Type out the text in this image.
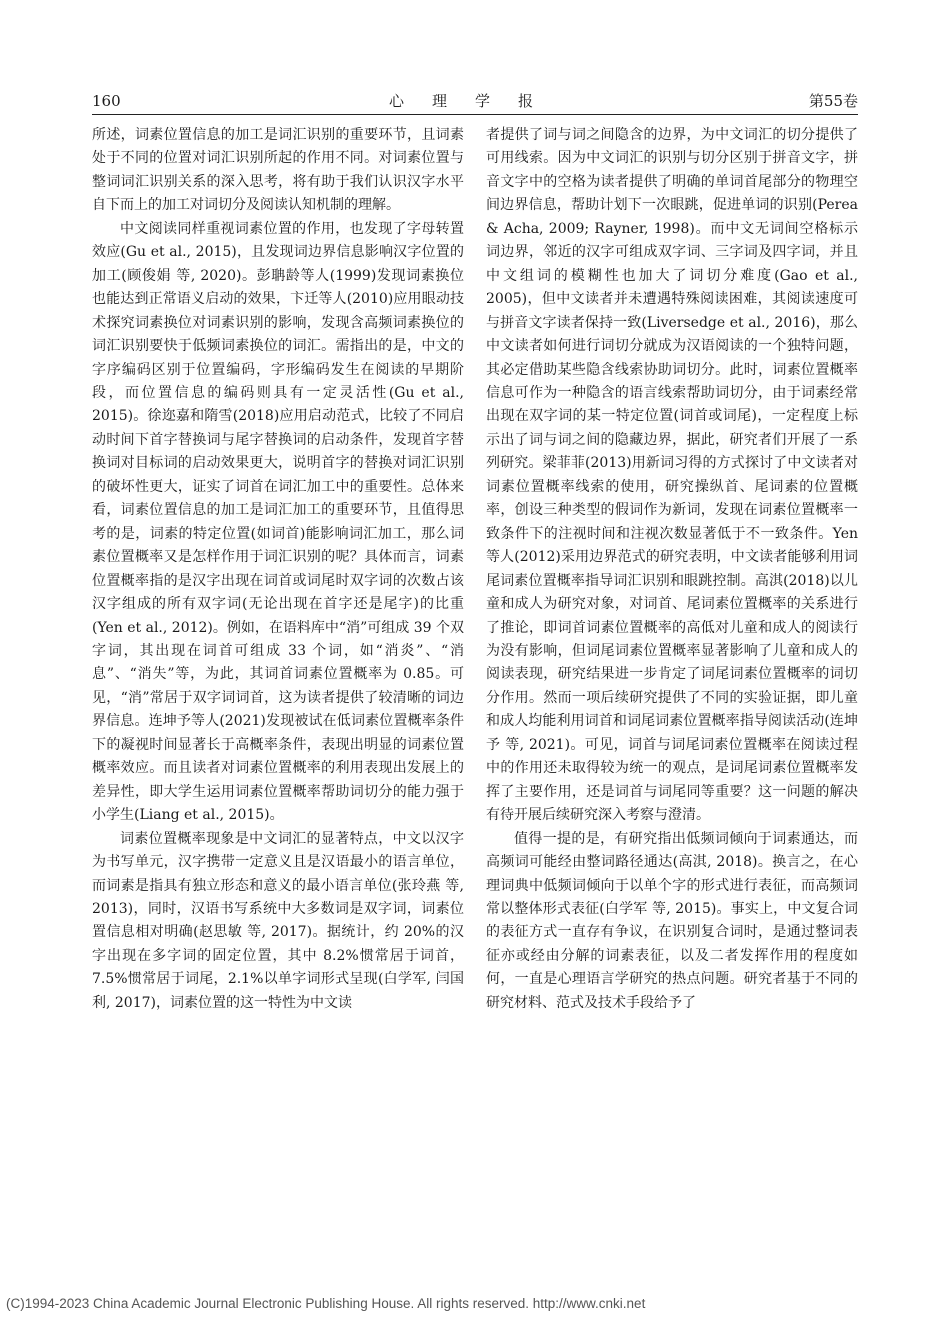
160	心理学报	第55卷

所述，词素位置信息的加工是词汇识别的重要环节，且词素处于不同的位置对词汇识别所起的作用不同。对词素位置与整词词汇识别关系的深入思考，将有助于我们认识汉字水平自下而上的加工对词切分及阅读认知机制的理解。

中文阅读同样重视词素位置的作用，也发现了字母转置效应(Gu et al., 2015)，且发现词边界信息影响汉字位置的加工(顾俊娟 等, 2020)。彭聃龄等人(1999)发现词素换位也能达到正常语义启动的效果，卞迁等人(2010)应用眼动技术探究词素换位对词素识别的影响，发现含高频词素换位的词汇识别要快于低频词素换位的词汇。需指出的是，中文的字序编码区别于位置编码，字形编码发生在阅读的早期阶段，而位置信息的编码则具有一定灵活性(Gu et al., 2015)。徐迩嘉和隋雪(2018)应用启动范式，比较了不同启动时间下首字替换词与尾字替换词的启动条件，发现首字替换词对目标词的启动效果更大，说明首字的替换对词汇识别的破坏性更大，证实了词首在词汇加工中的重要性。总体来看，词素位置信息的加工是词汇加工的重要环节，且值得思考的是，词素的特定位置(如词首)能影响词汇加工，那么词素位置概率又是怎样作用于词汇识别的呢？具体而言，词素位置概率指的是汉字出现在词首或词尾时双字词的次数占该汉字组成的所有双字词(无论出现在首字还是尾字)的比重(Yen et al., 2012)。例如，在语料库中“消”可组成 39 个双字词，其出现在词首可组成 33 个词，如“消炎”、“消息”、“消失”等，为此，其词首词素位置概率为 0.85。可见，“消”常居于双字词词首，这为读者提供了较清晰的词边界信息。连坤予等人(2021)发现被试在低词素位置概率条件下的凝视时间显著长于高概率条件，表现出明显的词素位置概率效应。而且读者对词素位置概率的利用表现出发展上的差异性，即大学生运用词素位置概率帮助词切分的能力强于小学生(Liang et al., 2015)。

词素位置概率现象是中文词汇的显著特点，中文以汉字为书写单元，汉字携带一定意义且是汉语最小的语言单位，而词素是指具有独立形态和意义的最小语言单位(张玲燕 等, 2013)，同时，汉语书写系统中大多数词是双字词，词素位置信息相对明确(赵思敏 等, 2017)。据统计，约 20%的汉字出现在多字词的固定位置，其中 8.2%惯常居于词首，7.5%惯常居于词尾，2.1%以单字词形式呈现(白学军, 闫国利, 2017)，词素位置的这一特性为中文读

者提供了词与词之间隐含的边界，为中文词汇的切分提供了可用线索。因为中文词汇的识别与切分区别于拼音文字，拼音文字中的空格为读者提供了明确的单词首尾部分的物理空间边界信息，帮助计划下一次眼跳，促进单词的识别(Perea & Acha, 2009; Rayner, 1998)。而中文无词间空格标示词边界，邻近的汉字可组成双字词、三字词及四字词，并且中文组词的模糊性也加大了词切分难度(Gao et al., 2005)，但中文读者并未遭遇特殊阅读困难，其阅读速度可与拼音文字读者保持一致(Liversedge et al., 2016)，那么中文读者如何进行词切分就成为汉语阅读的一个独特问题，其必定借助某些隐含线索协助词切分。此时，词素位置概率信息可作为一种隐含的语言线索帮助词切分，由于词素经常出现在双字词的某一特定位置(词首或词尾)，一定程度上标示出了词与词之间的隐藏边界，据此，研究者们开展了一系列研究。梁菲菲(2013)用新词习得的方式探讨了中文读者对词素位置概率线索的使用，研究操纵首、尾词素的位置概率，创设三种类型的假词作为新词，发现在词素位置概率一致条件下的注视时间和注视次数显著低于不一致条件。Yen 等人(2012)采用边界范式的研究表明，中文读者能够利用词尾词素位置概率指导词汇识别和眼跳控制。高淇(2018)以儿童和成人为研究对象，对词首、尾词素位置概率的关系进行了推论，即词首词素位置概率的高低对儿童和成人的阅读行为没有影响，但词尾词素位置概率显著影响了儿童和成人的阅读表现，研究结果进一步肯定了词尾词素位置概率的词切分作用。然而一项后续研究提供了不同的实验证据，即儿童和成人均能利用词首和词尾词素位置概率指导阅读活动(连坤予 等, 2021)。可见，词首与词尾词素位置概率在阅读过程中的作用还未取得较为统一的观点，是词尾词素位置概率发挥了主要作用，还是词首与词尾同等重要？这一问题的解决有待开展后续研究深入考察与澄清。

值得一提的是，有研究指出低频词倾向于词素通达，而高频词可能经由整词路径通达(高淇, 2018)。换言之，在心理词典中低频词倾向于以单个字的形式进行表征，而高频词常以整体形式表征(白学军 等, 2015)。事实上，中文复合词的表征方式一直存有争议，在识别复合词时，是通过整词表征亦或经由分解的词素表征，以及二者发挥作用的程度如何，一直是心理语言学研究的热点问题。研究者基于不同的研究材料、范式及技术手段给予了

(C)1994-2023 China Academic Journal Electronic Publishing House. All rights reserved. http://www.cnki.net
